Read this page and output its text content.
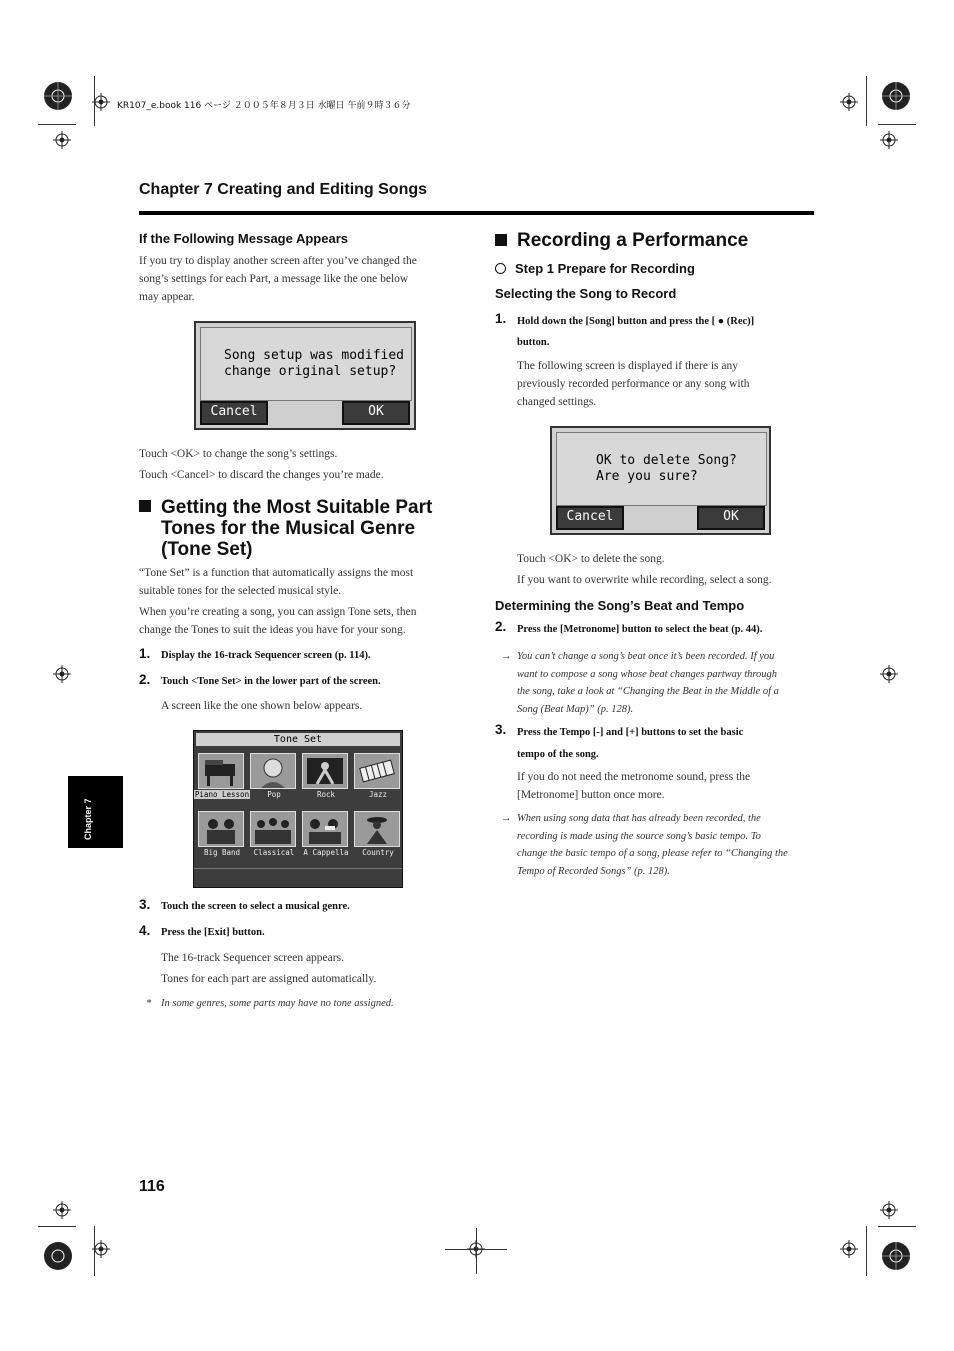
KR107_e.book 116 ページ ２００５年８月３日 水曜日 午前９時３６分
Chapter 7 Creating and Editing Songs
Chapter 7
If the Following Message Appears

If you try to display another screen after you’ve changed the

song’s settings for each Part, a message like the one below

may appear.

Song setup was modified
change original setup?
Cancel	OK

Touch <OK> to change the song’s settings.

Touch <Cancel> to discard the changes you’re made.

Getting the Most Suitable Part
Tones for the Musical Genre
(Tone Set)

“Tone Set” is a function that automatically assigns the most

suitable tones for the selected musical style.

When you’re creating a song, you can assign Tone sets, then

change the Tones to suit the ideas you have for your song.

1. Display the 16-track Sequencer screen (p. 114).
2. Touch <Tone Set> in the lower part of the screen.

A screen like the one shown below appears.

Tone Set
Piano Lesson	Pop	Rock	Jazz
Big Band	Classical	A Cappella	Country
3. Touch the screen to select a musical genre.
4. Press the [Exit] button.

The 16-track Sequencer screen appears.

Tones for each part are assigned automatically.

* In some genres, some parts may have no tone assigned.
Recording a Performance
Step 1 Prepare for Recording
Selecting the Song to Record
1. Hold down the [Song] button and press the [ ● (Rec)]
button.

The following screen is displayed if there is any

previously recorded performance or any song with

changed settings.

OK to delete Song?
Are you sure?
Cancel	OK

Touch <OK> to delete the song.

If you want to overwrite while recording, select a song.

Determining the Song’s Beat and Tempo
2. Press the [Metronome] button to select the beat (p. 44).
→ You can’t change a song’s beat once it’s been recorded. If you
want to compose a song whose beat changes partway through
the song, take a look at “Changing the Beat in the Middle of a
Song (Beat Map)” (p. 128).
3. Press the Tempo [-] and [+] buttons to set the basic
tempo of the song.

If you do not need the metronome sound, press the

[Metronome] button once more.

→ When using song data that has already been recorded, the
recording is made using the source song’s basic tempo. To
change the basic tempo of a song, please refer to “Changing the
Tempo of Recorded Songs” (p. 128).
116
